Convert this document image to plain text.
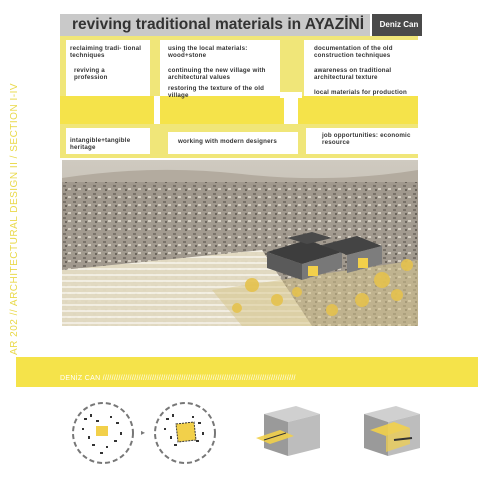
AR 202 // ARCHITECTURAL DESIGN II / SECTION I-IV
reviving traditional materials in AYAZİNİ	Deniz Can
reclaiming tradi- tional techniques
reviving a profession
using the local materials: wood+stone
continuing the new village with architectural values
restoring the texture of the old village
documentation of the old construction techniques
awareness on traditional architectural texture
local materials for production
intangible+tangible heritage
working with modern designers
job opportunities: economic resource
DENİZ CAN //////////////////////////////////////////////////////////////////////////////////////
▸
